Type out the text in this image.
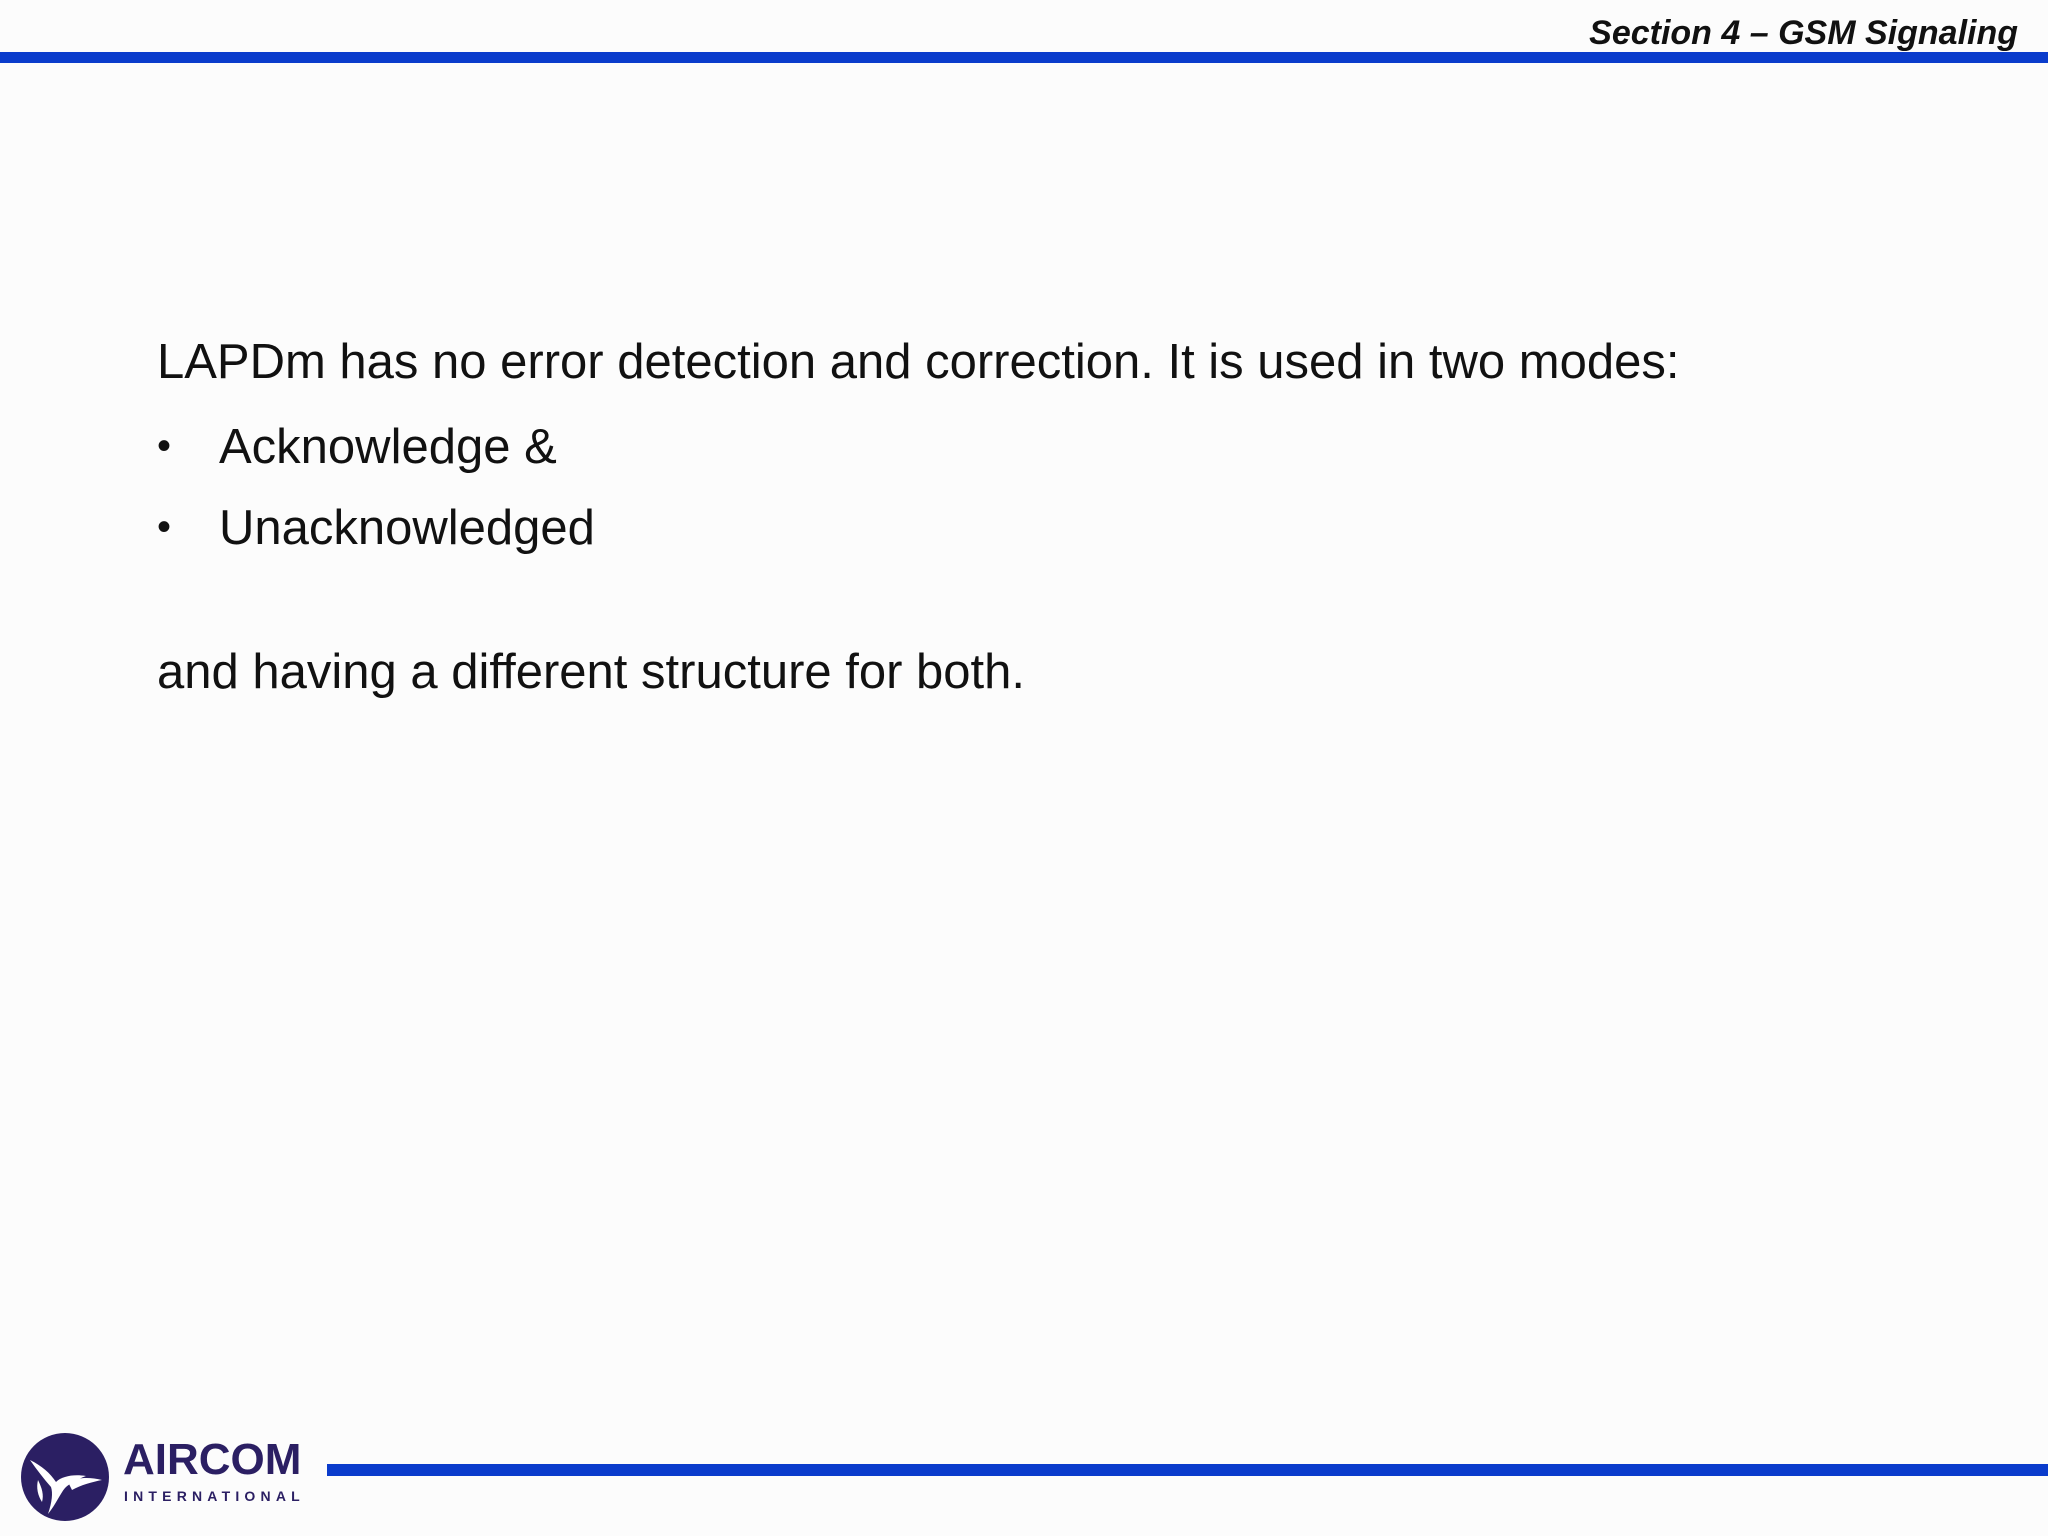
Section 4 – GSM Signaling

LAPDm has no error detection and correction. It is used in two modes:

• Acknowledge &
• Unacknowledged

and having a different structure for both.

AIRCOM
INTERNATIONAL
